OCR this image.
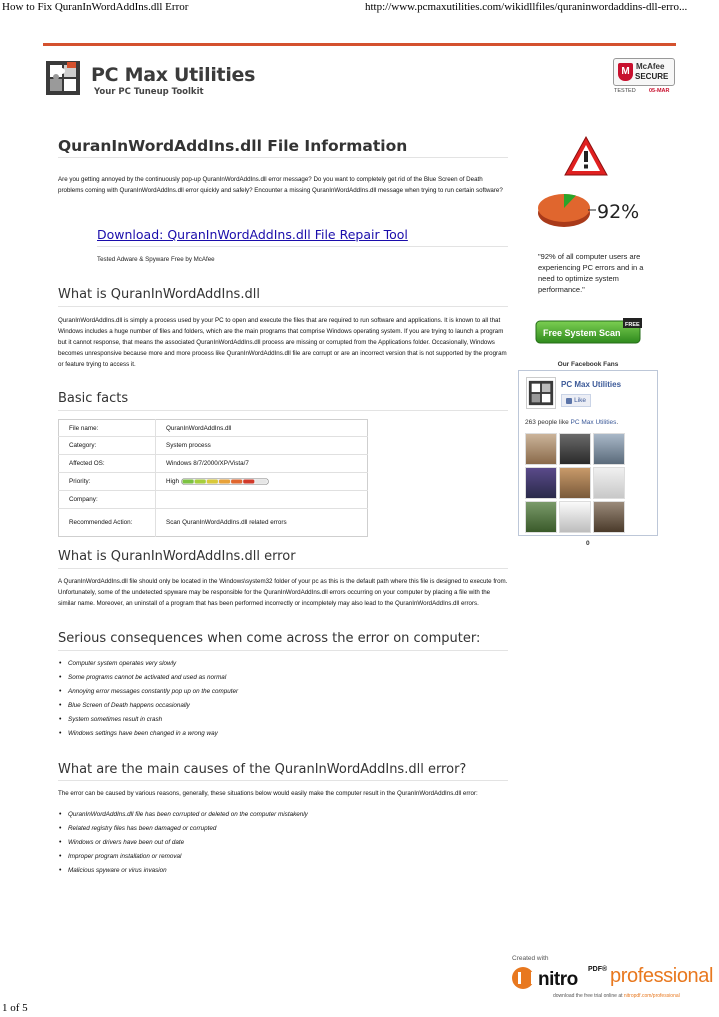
How to Fix QuranInWordAddIns.dll Error	http://www.pcmaxutilities.com/wikidllfiles/quraninwordaddins-dll-erro...
PC Max Utilities
Your PC Tuneup Toolkit
M McAfee
SECURE
TESTED 05-MAR
QuranInWordAddIns.dll File Information
Are you getting annoyed by the continuously pop-up QuranInWordAddIns.dll error message? Do you want to completely get rid of the Blue Screen of Death problems coming with QuranInWordAddIns.dll error quickly and safely? Encounter a missing QuranInWordAddIns.dll message when trying to run certain software?
Download: QuranInWordAddIns.dll File Repair Tool
Tested Adware & Spyware Free by McAfee
What is QuranInWordAddIns.dll
QuranInWordAddIns.dll is simply a process used by your PC to open and execute the files that are required to run software and applications. It is known to all that Windows includes a huge number of files and folders, which are the main programs that comprise Windows operating system. If you are trying to launch a program but it cannot response, that means the associated QuranInWordAddIns.dll process are missing or corrupted from the Applications folder. Occasionally, Windows becomes unresponsive because more and more process like QuranInWordAddIns.dll file are corrupt or are an incorrect version that is not supported by the program or feature trying to access it.
Basic facts
File name:	QuranInWordAddIns.dll
Category:	System process
Affected OS:	Windows 8/7/2000/XP/Vista/7
Priority:	High
Company:	
Recommended Action:	Scan QuranInWordAddIns.dll related errors
What is QuranInWordAddIns.dll error
A QuranInWordAddIns.dll file should only be located in the Windows\system32 folder of your pc as this is the default path where this file is designed to execute from. Unfortunately, some of the undetected spyware may be responsible for the QuranInWordAddIns.dll errors occurring on your computer by placing a file with the similar name. Moreover, an uninstall of a program that has been performed incorrectly or incompletely may also lead to the QuranInWordAddIns.dll errors.
Serious consequences when come across the error on computer:
• Computer system operates very slowly
• Some programs cannot be activated and used as normal
• Annoying error messages constantly pop up on the computer
• Blue Screen of Death happens occasionally
• System sometimes result in crash
• Windows settings have been changed in a wrong way
What are the main causes of the QuranInWordAddIns.dll error?
The error can be caused by various reasons, generally, these situations below would easily make the computer result in the QuranInWordAddIns.dll error:
• QuranInWordAddIns.dll file has been corrupted or deleted on the computer mistakenly
• Related registry files has been damaged or corrupted
• Windows or drivers have been out of date
• Improper program installation or removal
• Malicious spyware or virus invasion
92%
"92% of all computer users are experiencing PC errors and in a need to optimize system performance."
Free System Scan
FREE
Our Facebook Fans
PC Max Utilities
Like
263 people like PC Max Utilities.
0
Created with
nitro PDF® professional
download the free trial online at nitropdf.com/professional
1 of 5
